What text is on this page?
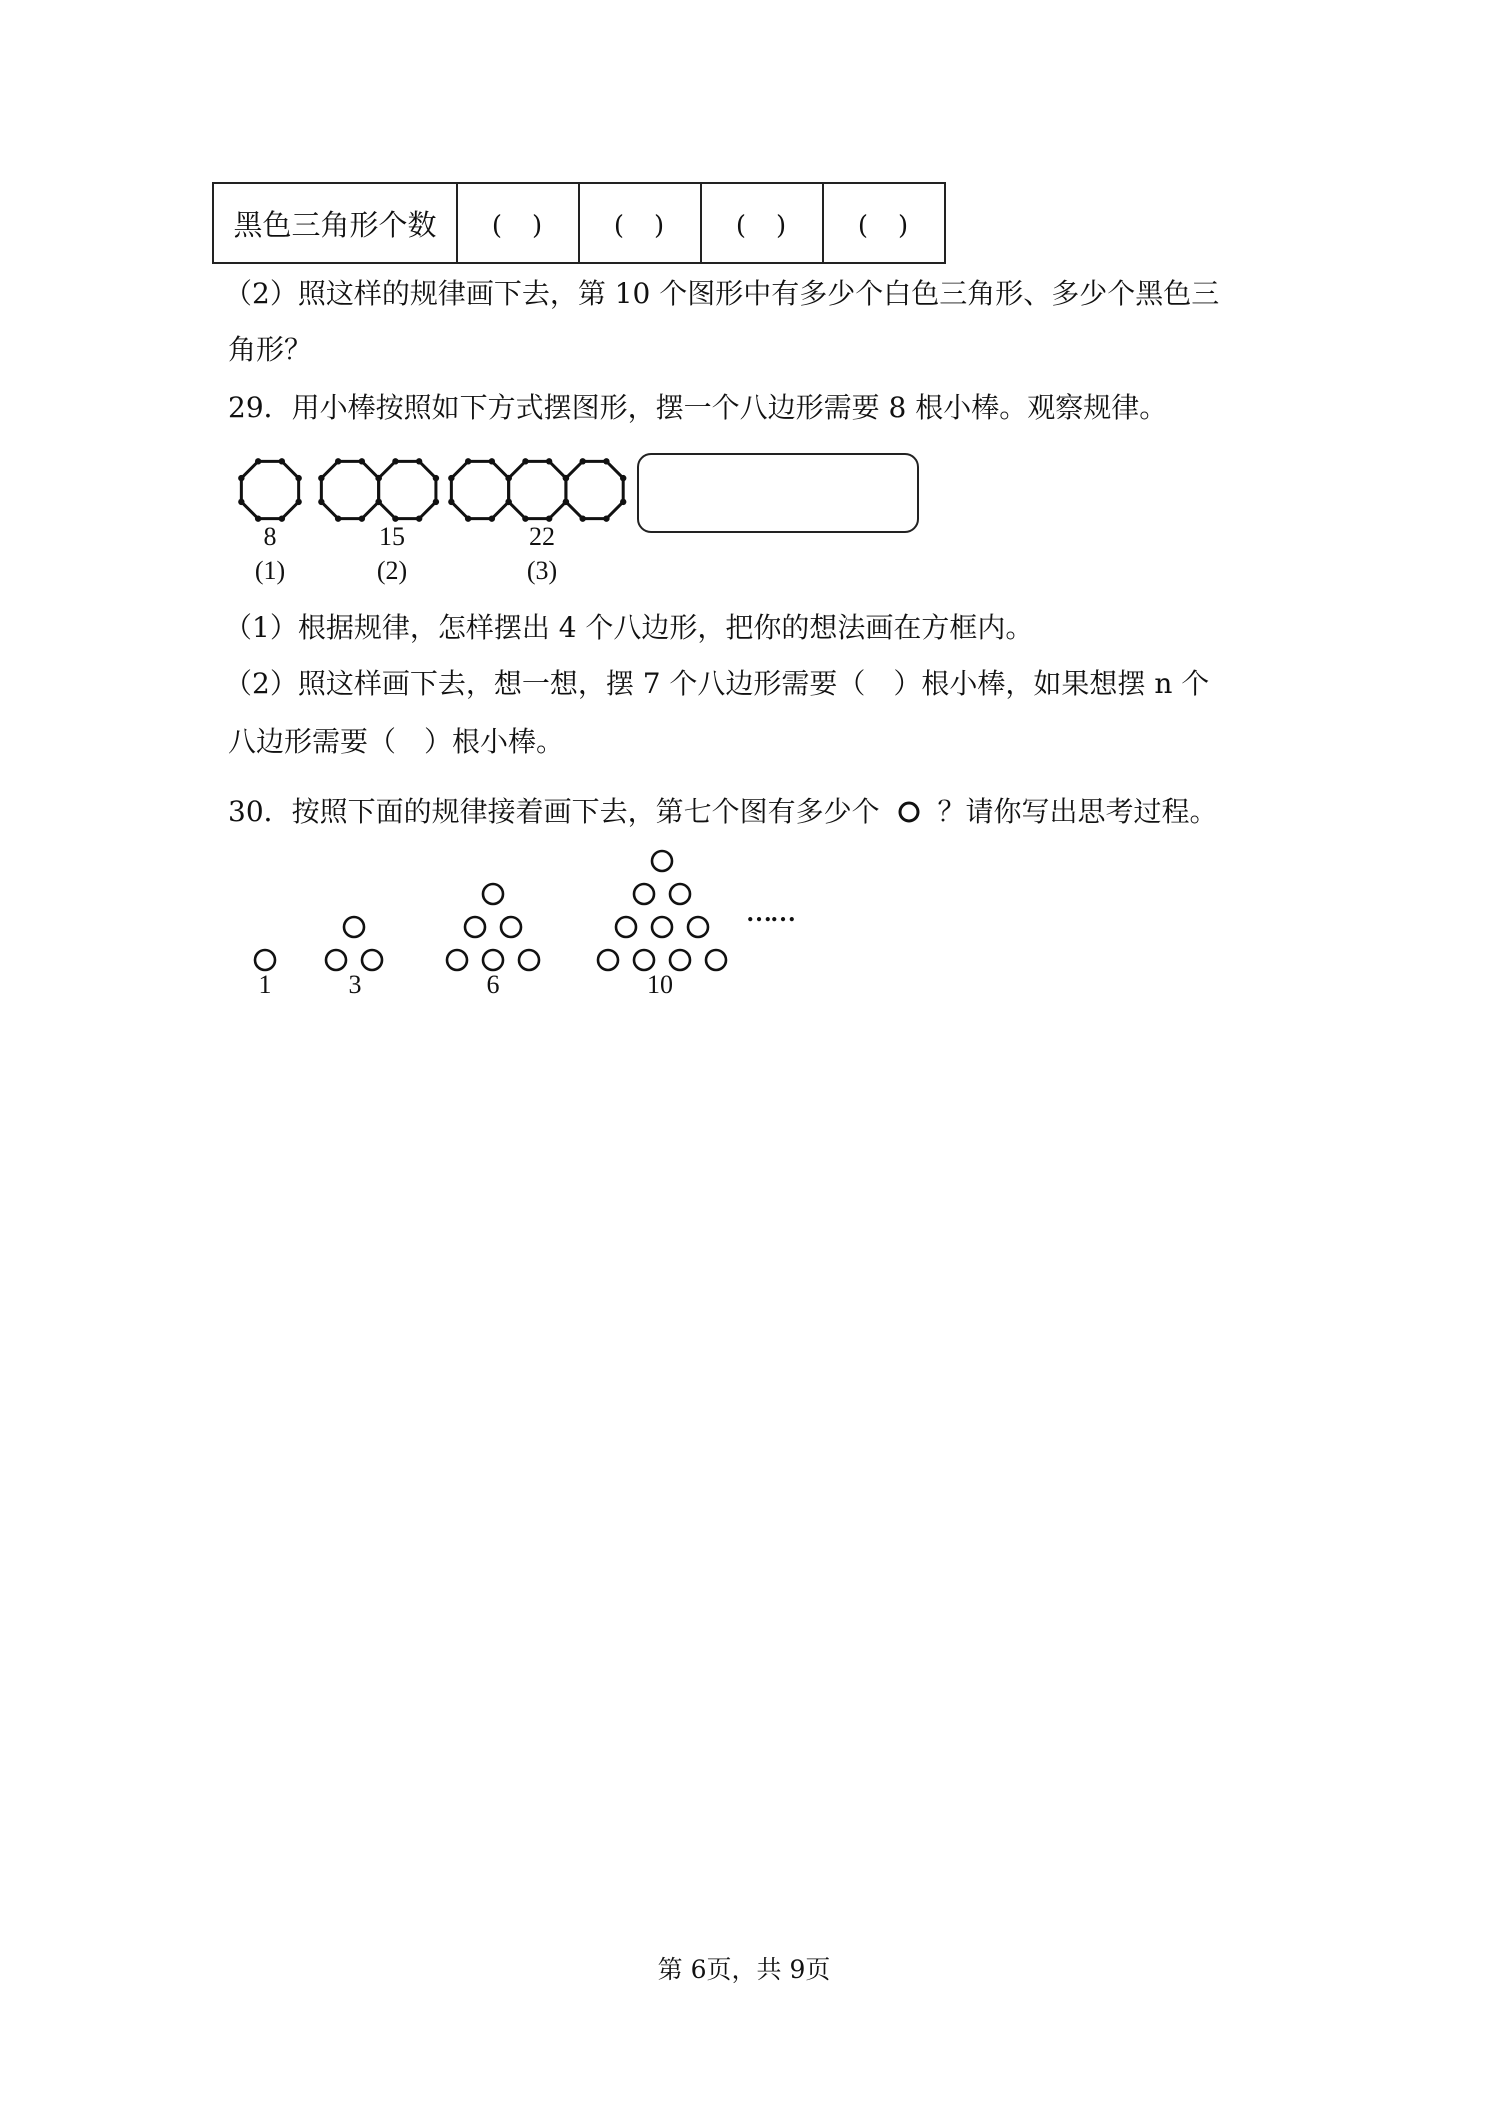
黑色三角形个数	(　)	(　)	(　)	(　)
（2）照这样的规律画下去，第 10 个图形中有多少个白色三角形、多少个黑色三
角形？
29．用小棒按照如下方式摆图形，摆一个八边形需要 8 根小棒。观察规律。
8
(1)
15
(2)
22
(3)
（1）根据规律，怎样摆出 4 个八边形，把你的想法画在方框内。
（2）照这样画下去，想一想，摆 7 个八边形需要（　）根小棒，如果想摆 n 个
八边形需要（　）根小棒。
30．按照下面的规律接着画下去，第七个图有多少个 ？请你写出思考过程。
1	3	6	10
……
第 6页，共 9页
